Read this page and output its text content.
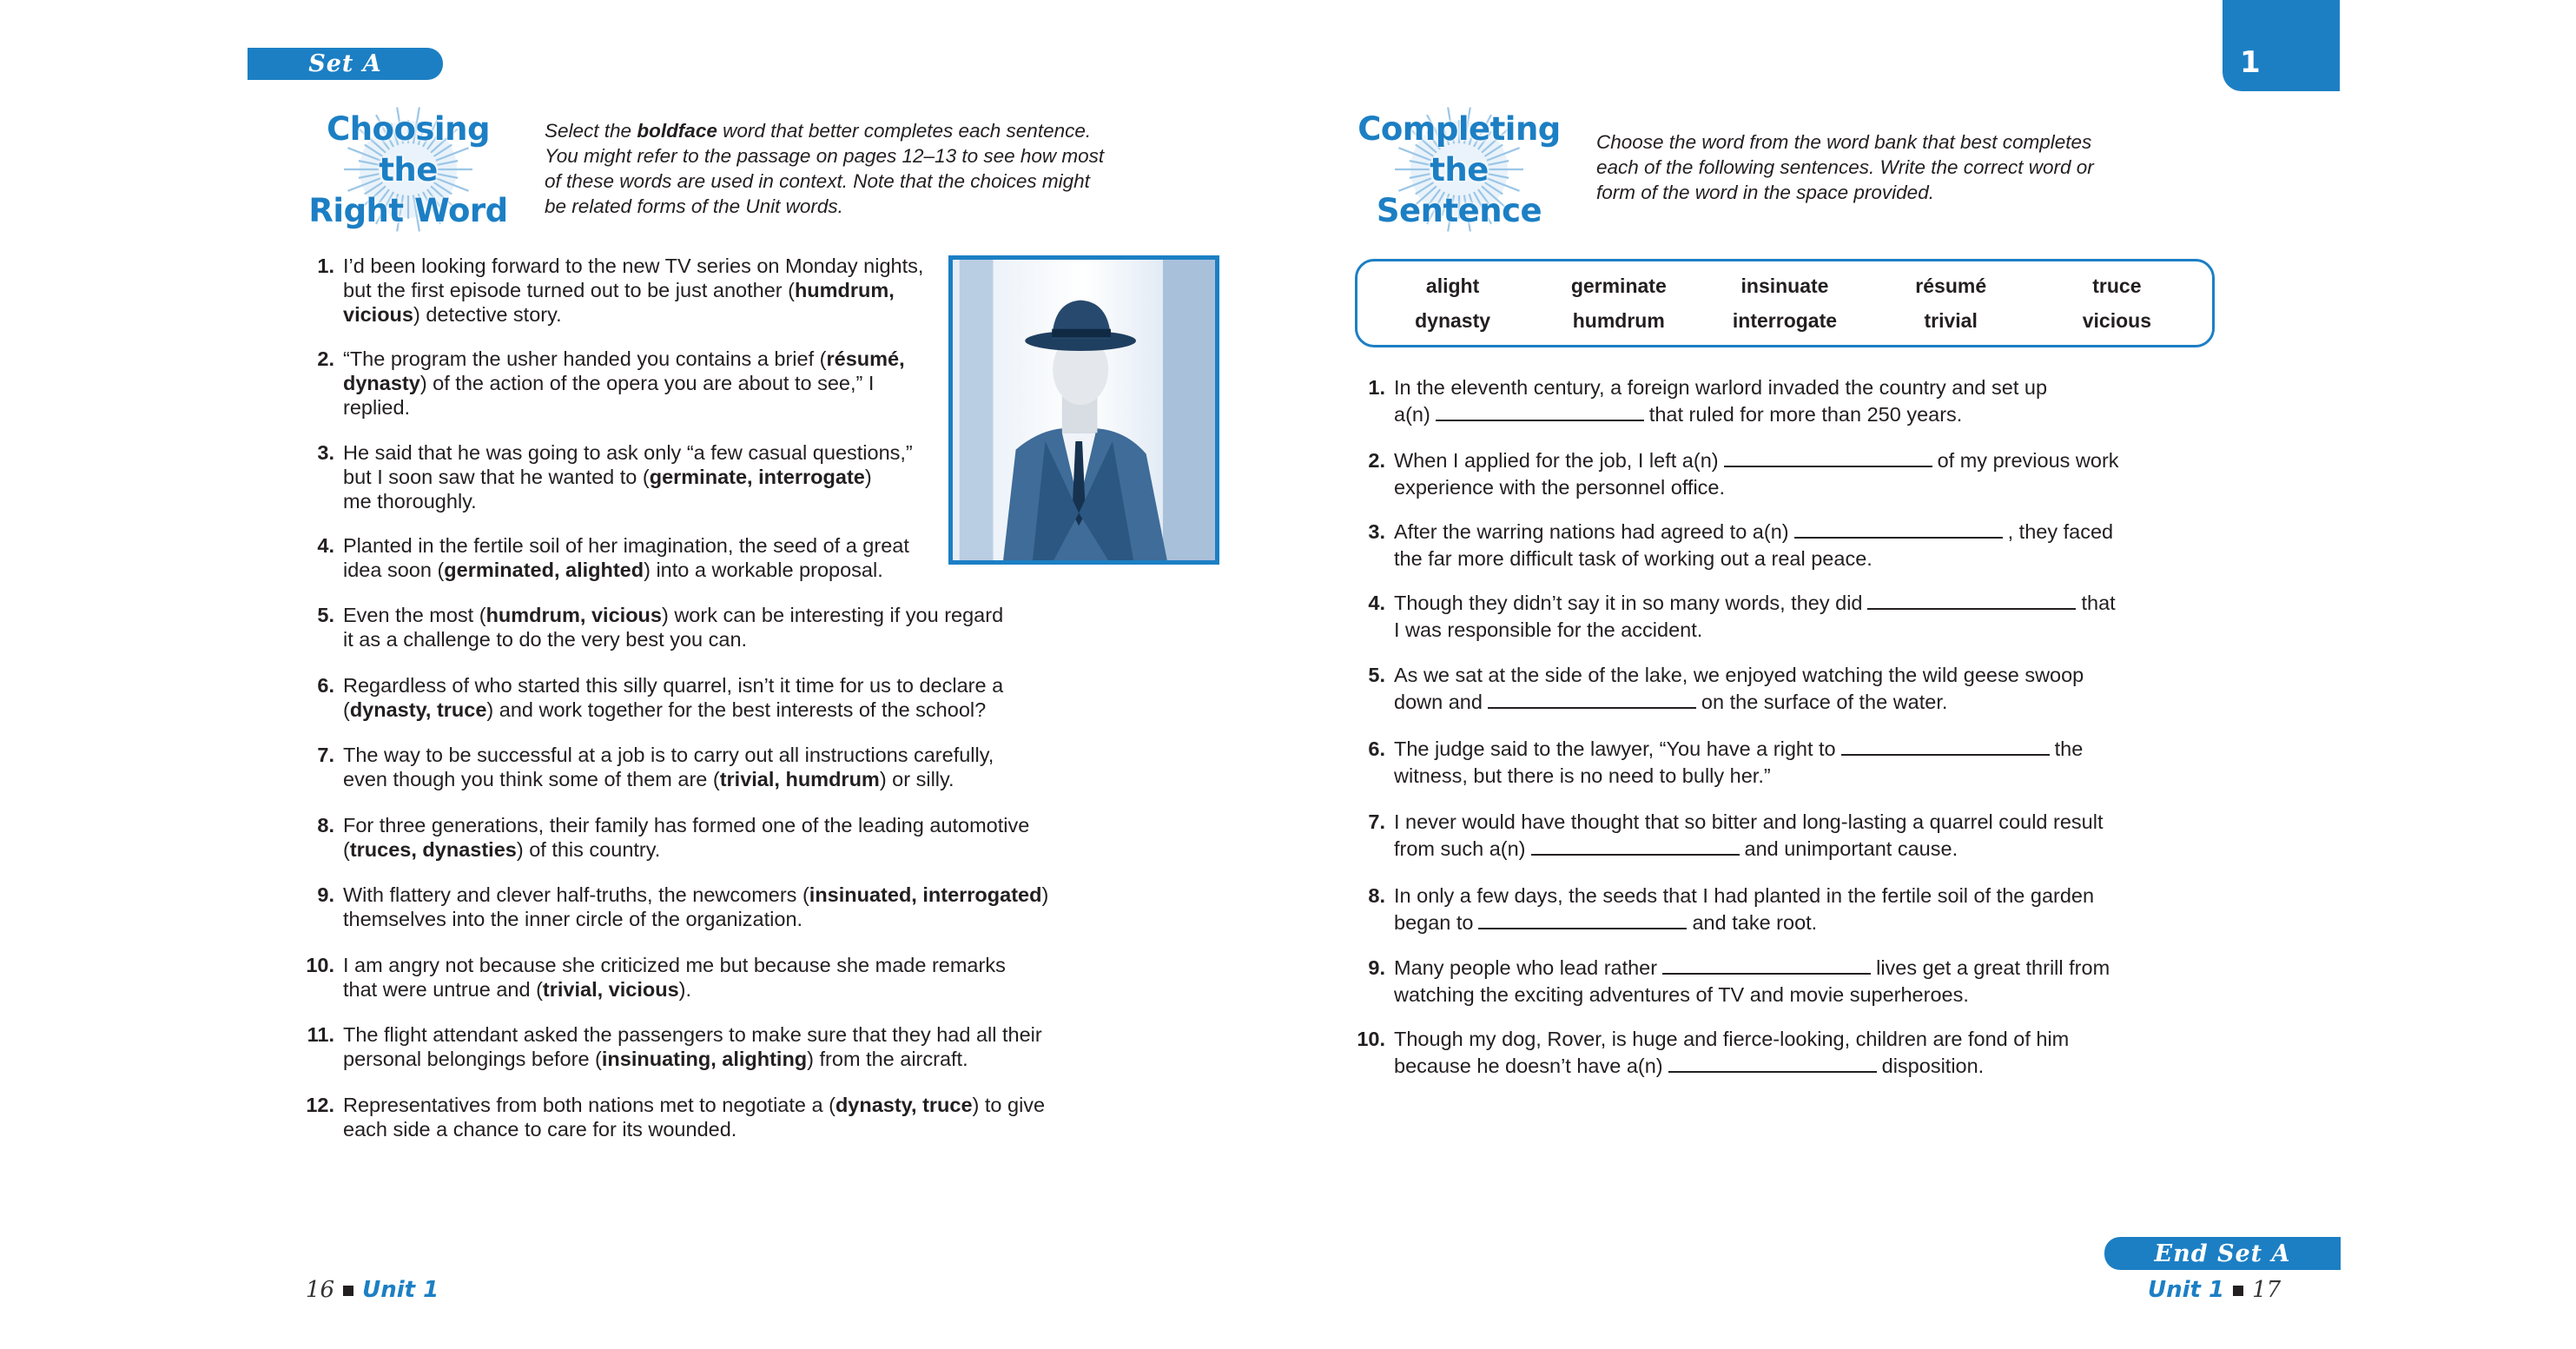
Set A
Choosing the
Right Word
Select the boldface word that better completes each sentence.
You might refer to the passage on pages 12–13 to see how most
of these words are used in context. Note that the choices might
be related forms of the Unit words.
1. I’d been looking forward to the new TV series on Monday nights,
but the first episode turned out to be just another (humdrum,
vicious) detective story.
2. “The program the usher handed you contains a brief (résumé,
dynasty) of the action of the opera you are about to see,” I
replied.
3. He said that he was going to ask only “a few casual questions,”
but I soon saw that he wanted to (germinate, interrogate)
me thoroughly.
4. Planted in the fertile soil of her imagination, the seed of a great
idea soon (germinated, alighted) into a workable proposal.
5. Even the most (humdrum, vicious) work can be interesting if you regard
it as a challenge to do the very best you can.
6. Regardless of who started this silly quarrel, isn’t it time for us to declare a
(dynasty, truce) and work together for the best interests of the school?
7. The way to be successful at a job is to carry out all instructions carefully,
even though you think some of them are (trivial, humdrum) or silly.
8. For three generations, their family has formed one of the leading automotive
(truces, dynasties) of this country.
9. With flattery and clever half-truths, the newcomers (insinuated, interrogated)
themselves into the inner circle of the organization.
10. I am angry not because she criticized me but because she made remarks
that were untrue and (trivial, vicious).
11. The flight attendant asked the passengers to make sure that they had all their
personal belongings before (insinuating, alighting) from the aircraft.
12. Representatives from both nations met to negotiate a (dynasty, truce) to give
each side a chance to care for its wounded.
16 Unit 1
1
Completing
the Sentence
Choose the word from the word bank that best completes
each of the following sentences. Write the correct word or
form of the word in the space provided.
alight	germinate	insinuate	résumé	truce
dynasty	humdrum	interrogate	trivial	vicious
1. In the eleventh century, a foreign warlord invaded the country and set up
a(n)	that ruled for more than 250 years.
2. When I applied for the job, I left a(n)	of my previous work
experience with the personnel office.
3. After the warring nations had agreed to a(n)	, they faced
the far more difficult task of working out a real peace.
4. Though they didn’t say it in so many words, they did	that
I was responsible for the accident.
5. As we sat at the side of the lake, we enjoyed watching the wild geese swoop
down and	on the surface of the water.
6. The judge said to the lawyer, “You have a right to	the
witness, but there is no need to bully her.”
7. I never would have thought that so bitter and long-lasting a quarrel could result
from such a(n)	and unimportant cause.
8. In only a few days, the seeds that I had planted in the fertile soil of the garden
began to	and take root.
9. Many people who lead rather	lives get a great thrill from
watching the exciting adventures of TV and movie superheroes.
10. Though my dog, Rover, is huge and fierce-looking, children are fond of him
because he doesn’t have a(n)	disposition.
End Set A
Unit 1 17
